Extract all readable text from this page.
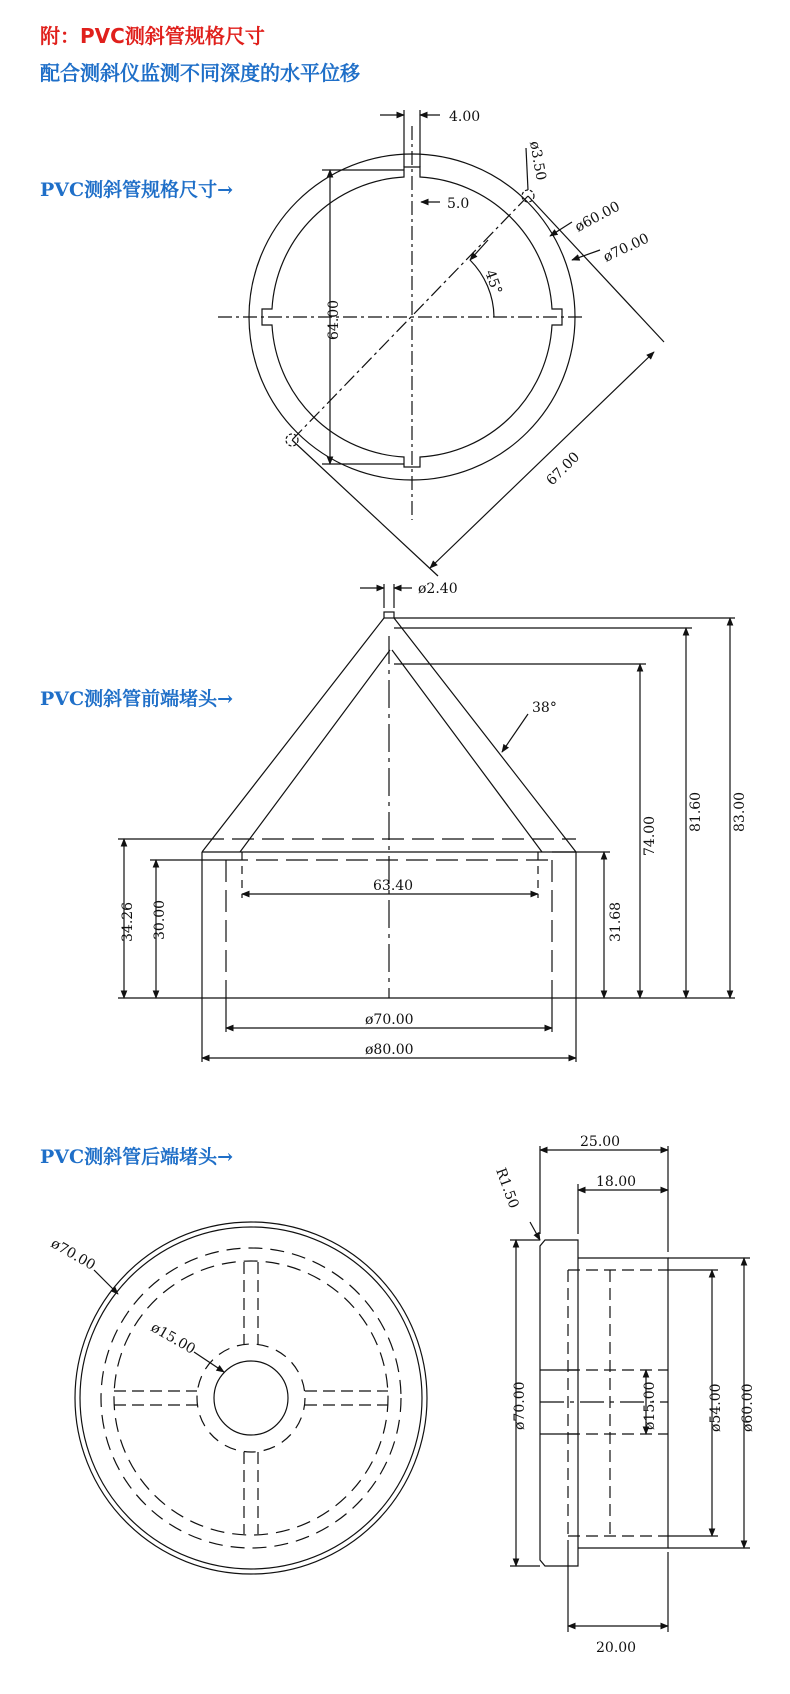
附：PVC测斜管规格尺寸
配合测斜仪监测不同深度的水平位移
PVC测斜管规格尺寸→
PVC测斜管前端堵头→
PVC测斜管后端堵头→
4.00
ø3.50
5.0	ø60.00
ø70.00
45°
64.00
67.00
ø2.40
38°
83.00
81.60
74.00
31.68
63.40
34.26 30.00
ø70.00
ø80.00
ø70.00
ø15.00
25.00
18.00
R1.50
ø70.00	ø15.00	ø54.00 ø60.00
20.00
